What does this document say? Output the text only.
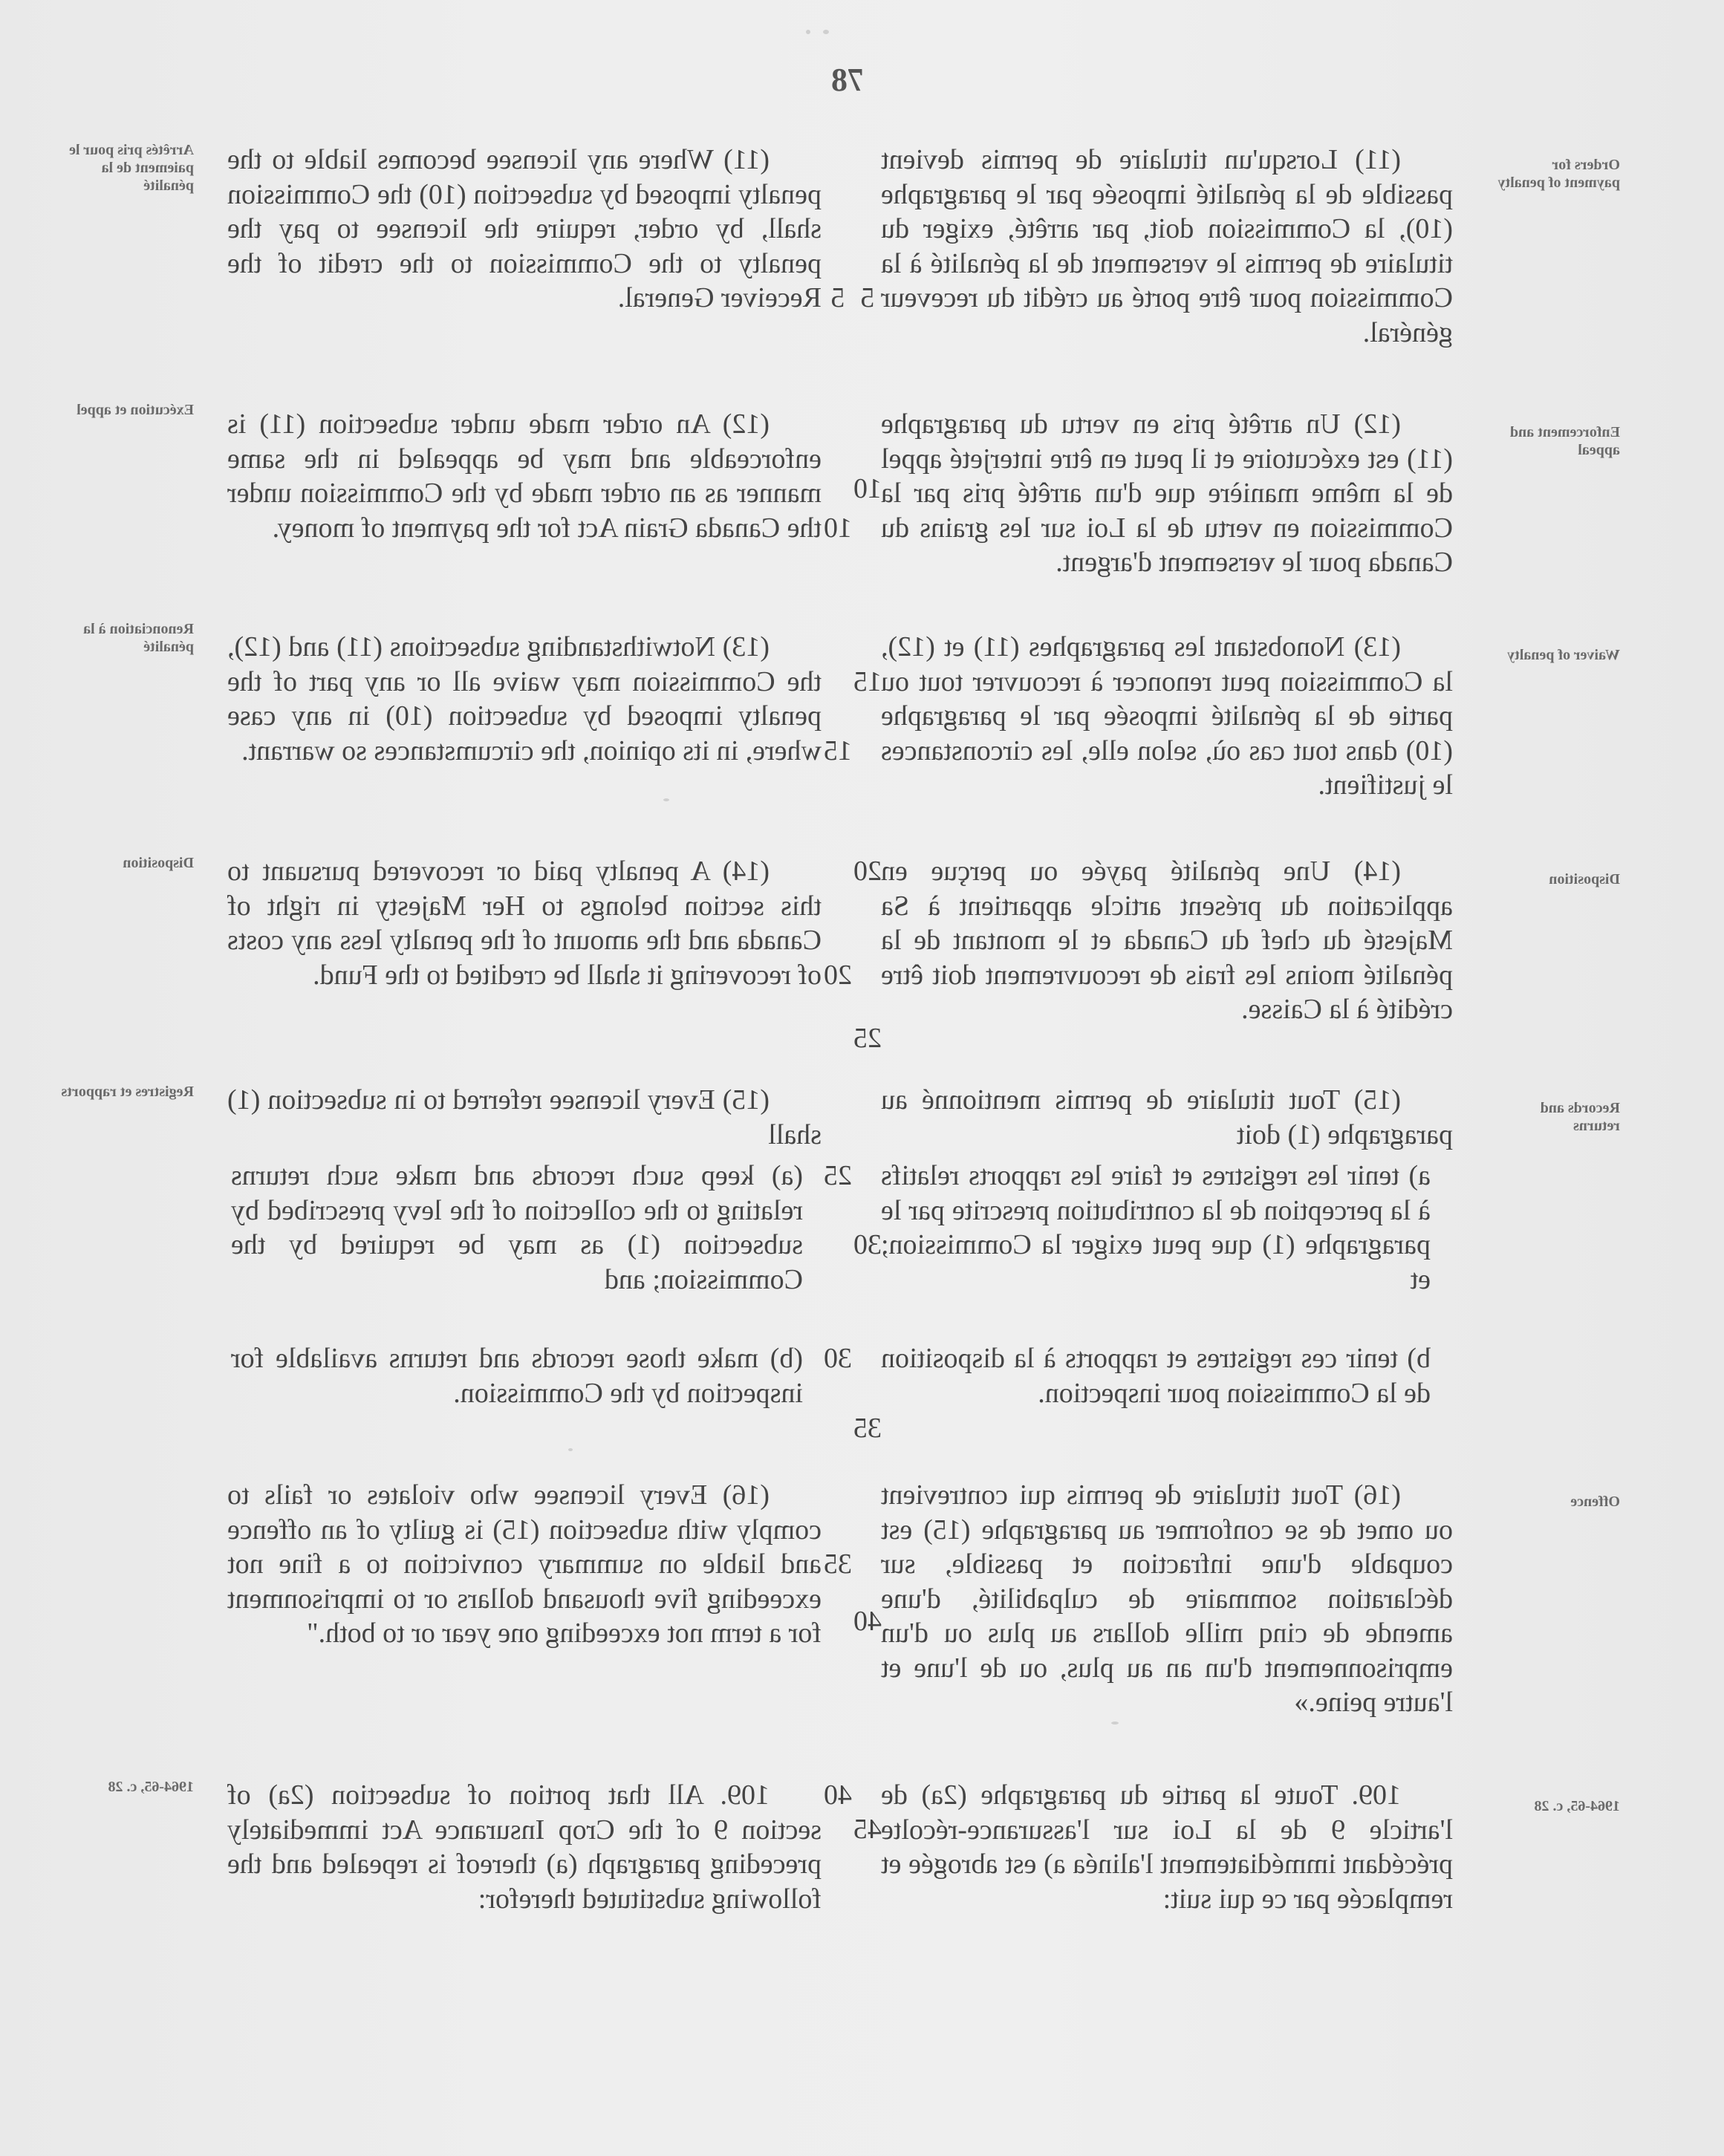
78
Orders for payment of penalty
Enforcement and appeal
Waiver of penalty
Disposition
Records and returns
Offence
1964-65, c. 28
(11) Where any licensee becomes liable to the penalty imposed by subsection (10) the Commission shall, by order, require the licensee to pay the penalty to the Commission to the credit of the Receiver General.
(12) An order made under subsection (11) is enforceable and may be appealed in the same manner as an order made by the Commission under the Canada Grain Act for the payment of money.
(13) Notwithstanding subsections (11) and (12), the Commission may waive all or any part of the penalty imposed by subsection (10) in any case where, in its opinion, the circumstances so warrant.
(14) A penalty paid or recovered pursuant to this section belongs to Her Majesty in right of Canada and the amount of the penalty less any costs of recovering it shall be credited to the Fund.
(15) Every licensee referred to in subsection (1) shall
(a) keep such records and make such returns relating to the collection of the levy prescribed by subsection (1) as may be required by the Commission; and
(b) make those records and returns available for inspection by the Commission.
(16) Every licensee who violates or fails to comply with subsection (15) is guilty of an offence and liable on summary conviction to a fine not exceeding five thousand dollars or to imprisonment for a term not exceeding one year or to both."
109. All that portion of subsection (2a) of section 9 of the Crop Insurance Act immediately preceding paragraph (a) thereof is repealed and the following substituted therefor:
5
10
15
20
25
30
35
40
(11) Lorsqu'un titulaire de permis devient passible de la pénalité imposée par le paragraphe (10), la Commission doit, par arrêté, exiger du titulaire de permis le versement de la pénalité à la Commission pour être porté au crédit du receveur général.
(12) Un arrêté pris en vertu du paragraphe (11) est exécutoire et il peut en être interjeté appel de la même manière que d'un arrêté pris par la Commission en vertu de la Loi sur les grains du Canada pour le versement d'argent.
(13) Nonobstant les paragraphes (11) et (12), la Commission peut renoncer à recouvrer tout ou partie de la pénalité imposée par le paragraphe (10) dans tout cas où, selon elle, les circonstances le justifient.
(14) Une pénalité payée ou perçue en application du présent article appartient à Sa Majesté du chef du Canada et le montant de la pénalité moins les frais de recouvrement doit être crédité à la Caisse.
(15) Tout titulaire de permis mentionné au paragraphe (1) doit
a) tenir les registres et faire les rapports relatifs à la perception de la contribution prescrite par le paragraphe (1) que peut exiger la Commission; et
b) tenir ces registres et rapports à la disposition de la Commission pour inspection.
(16) Tout titulaire de permis qui contrevient ou omet de se conformer au paragraphe (15) est coupable d'une infraction et passible, sur déclaration sommaire de culpabilité, d'une amende de cinq mille dollars au plus ou d'un emprisonnement d'un an au plus, ou de l'une et l'autre peine.»
109. Toute la partie du paragraphe (2a) de l'article 9 de la Loi sur l'assurance-récolte précédant immédiatement l'alinéa a) est abrogée et remplacée par ce qui suit:
5
10
15
20
25
30
35
40
45
Arrêtés pris pour le paiement de la pénalité
Exécution et appel
Renonciation à la pénalité
Disposition
Registres et rapports
1964-65, c. 28
